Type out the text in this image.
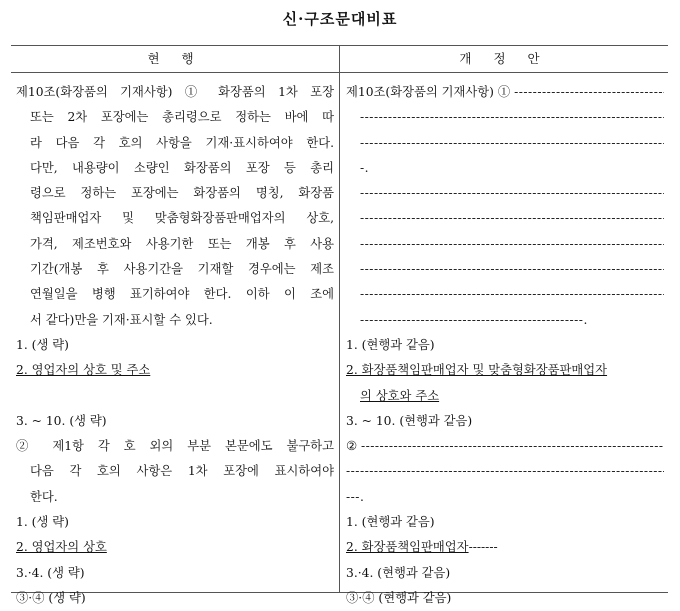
신·구조문대비표
현 행	개 정 안
제10조(화장품의 기재사항) ① 화장품의 1차 포장
또는 2차 포장에는 총리령으로 정하는 바에 따
라 다음 각 호의 사항을 기재·표시하여야 한다.
다만, 내용량이 소량인 화장품의 포장 등 총리
령으로 정하는 포장에는 화장품의 명칭, 화장품
책임판매업자 및 맞춤형화장품판매업자의 상호,
가격, 제조번호와 사용기한 또는 개봉 후 사용
기간(개봉 후 사용기간을 기재할 경우에는 제조
연월일을 병행 표기하여야 한다. 이하 이 조에
서 같다)만을 기재·표시할 수 있다.
1. (생 략)
2. 영업자의 상호 및 주소

3. ~ 10. (생 략)
② 제1항 각 호 외의 부분 본문에도 불구하고
다음 각 호의 사항은 1차 포장에 표시하여야
한다.
1. (생 략)
2. 영업자의 상호
3.·4. (생 략)
③·④ (생 략)
제10조(화장품의 기재사항) ① -----
-----
-----
-.
-----
-----
-----
-----
-----
-----
1. (현행과 같음)
2. 화장품책임판매업자 및 맞춤형화장품판매업자
의 상호와 주소
3. ~ 10. (현행과 같음)
② -----
-----
---.
1. (현행과 같음)
2. 화장품책임판매업자-------
3.·4. (현행과 같음)
③·④ (현행과 같음)
